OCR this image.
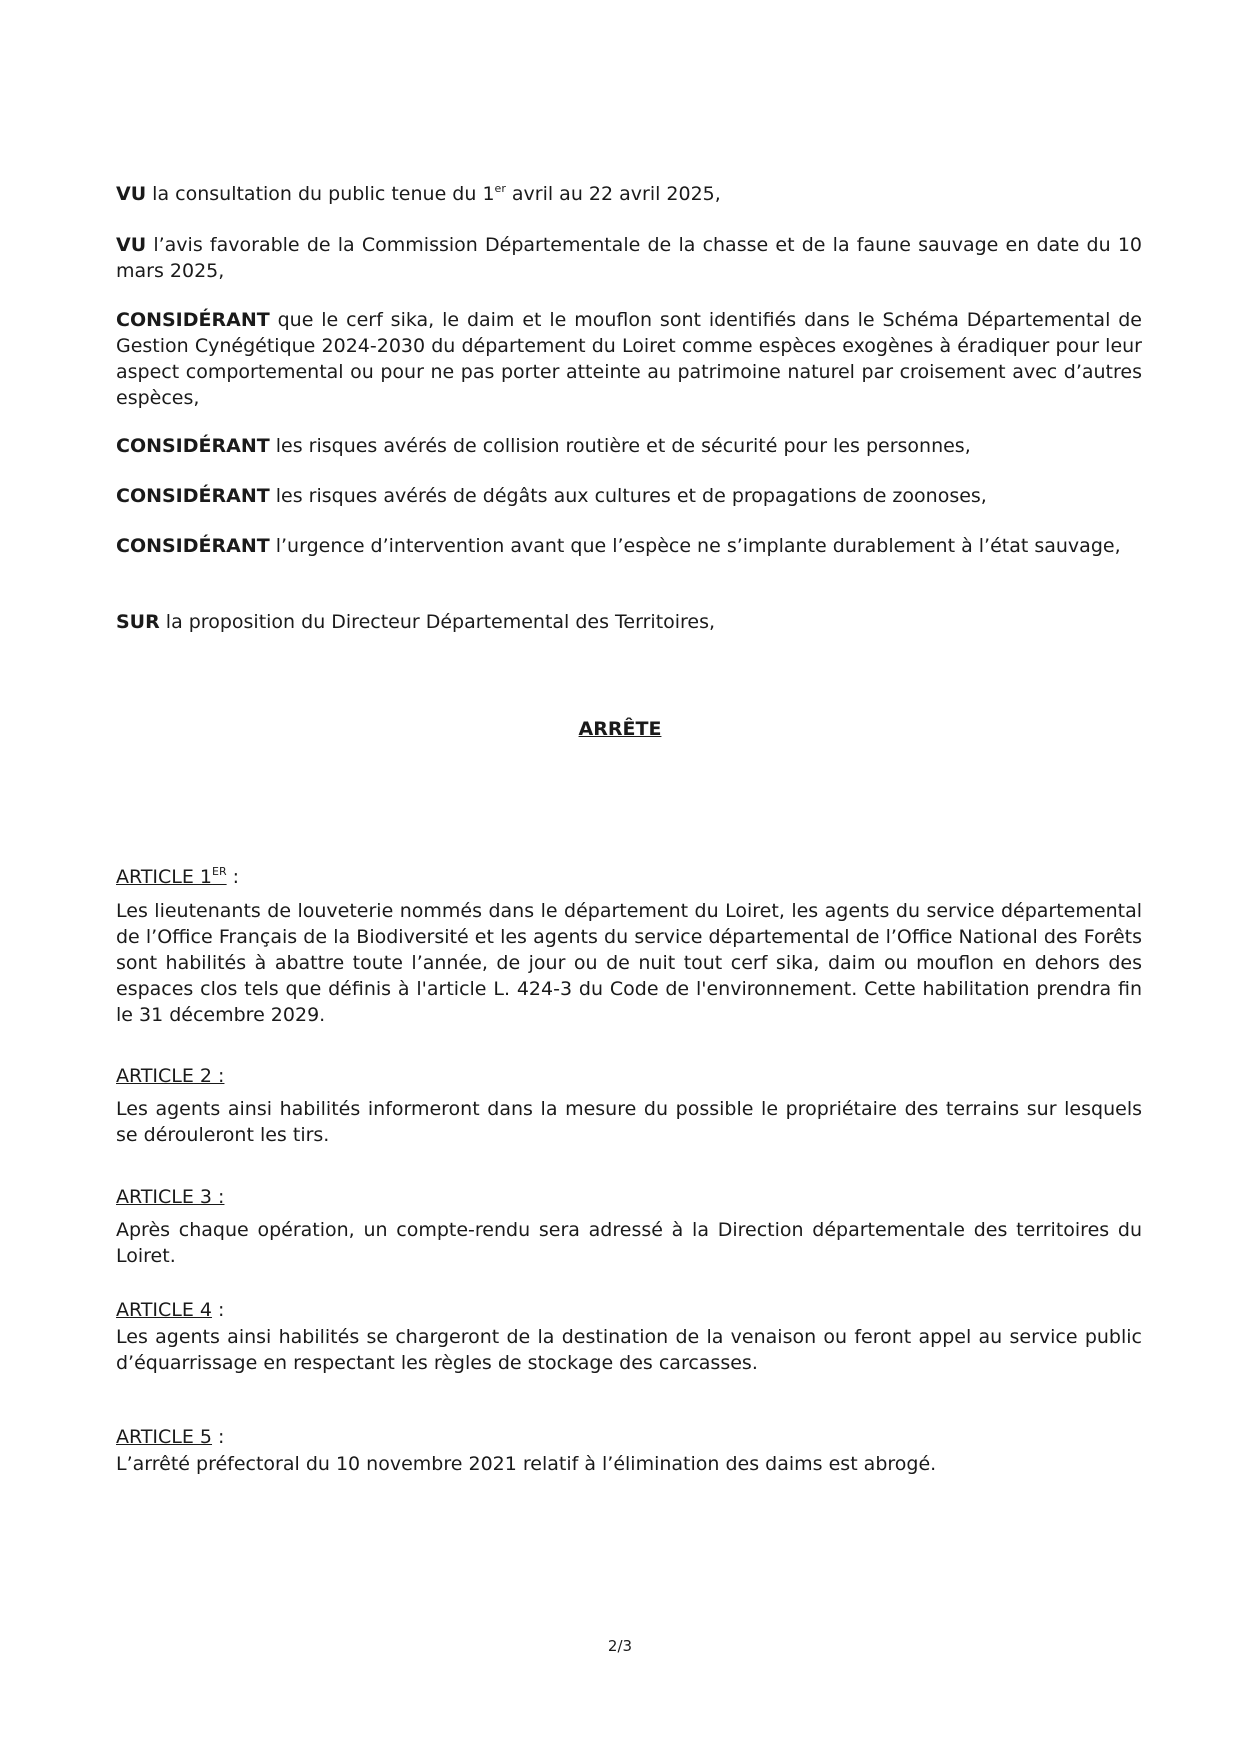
VU la consultation du public tenue du 1er avril au 22 avril 2025,

VU l’avis favorable de la Commission Départementale de la chasse et de la faune sauvage en date du 10 mars 2025,

CONSIDÉRANT que le cerf sika, le daim et le mouflon sont identifiés dans le Schéma Départemental de Gestion Cynégétique 2024-2030 du département du Loiret comme espèces exogènes à éradiquer pour leur aspect comportemental ou pour ne pas porter atteinte au patrimoine naturel par croisement avec d’autres espèces,

CONSIDÉRANT les risques avérés de collision routière et de sécurité pour les personnes,

CONSIDÉRANT les risques avérés de dégâts aux cultures et de propagations de zoonoses,

CONSIDÉRANT l’urgence d’intervention avant que l’espèce ne s’implante durablement à l’état sauvage,

SUR la proposition du Directeur Départemental des Territoires,

ARRÊTE

ARTICLE 1ER :

Les lieutenants de louveterie nommés dans le département du Loiret, les agents du service départemental de l’Office Français de la Biodiversité et les agents du service départemental de l’Office National des Forêts sont habilités à abattre toute l’année, de jour ou de nuit tout cerf sika, daim ou mouflon en dehors des espaces clos tels que définis à l'article L. 424-3 du Code de l'environnement. Cette habilitation prendra fin le 31 décembre 2029.

ARTICLE 2 :

Les agents ainsi habilités informeront dans la mesure du possible le propriétaire des terrains sur lesquels se dérouleront les tirs.

ARTICLE 3 :

Après chaque opération, un compte-rendu sera adressé à la Direction départementale des territoires du Loiret.

ARTICLE 4 :

Les agents ainsi habilités se chargeront de la destination de la venaison ou feront appel au service public d’équarrissage en respectant les règles de stockage des carcasses.

ARTICLE 5 :

L’arrêté préfectoral du 10 novembre 2021 relatif à l’élimination des daims est abrogé.

2/3
